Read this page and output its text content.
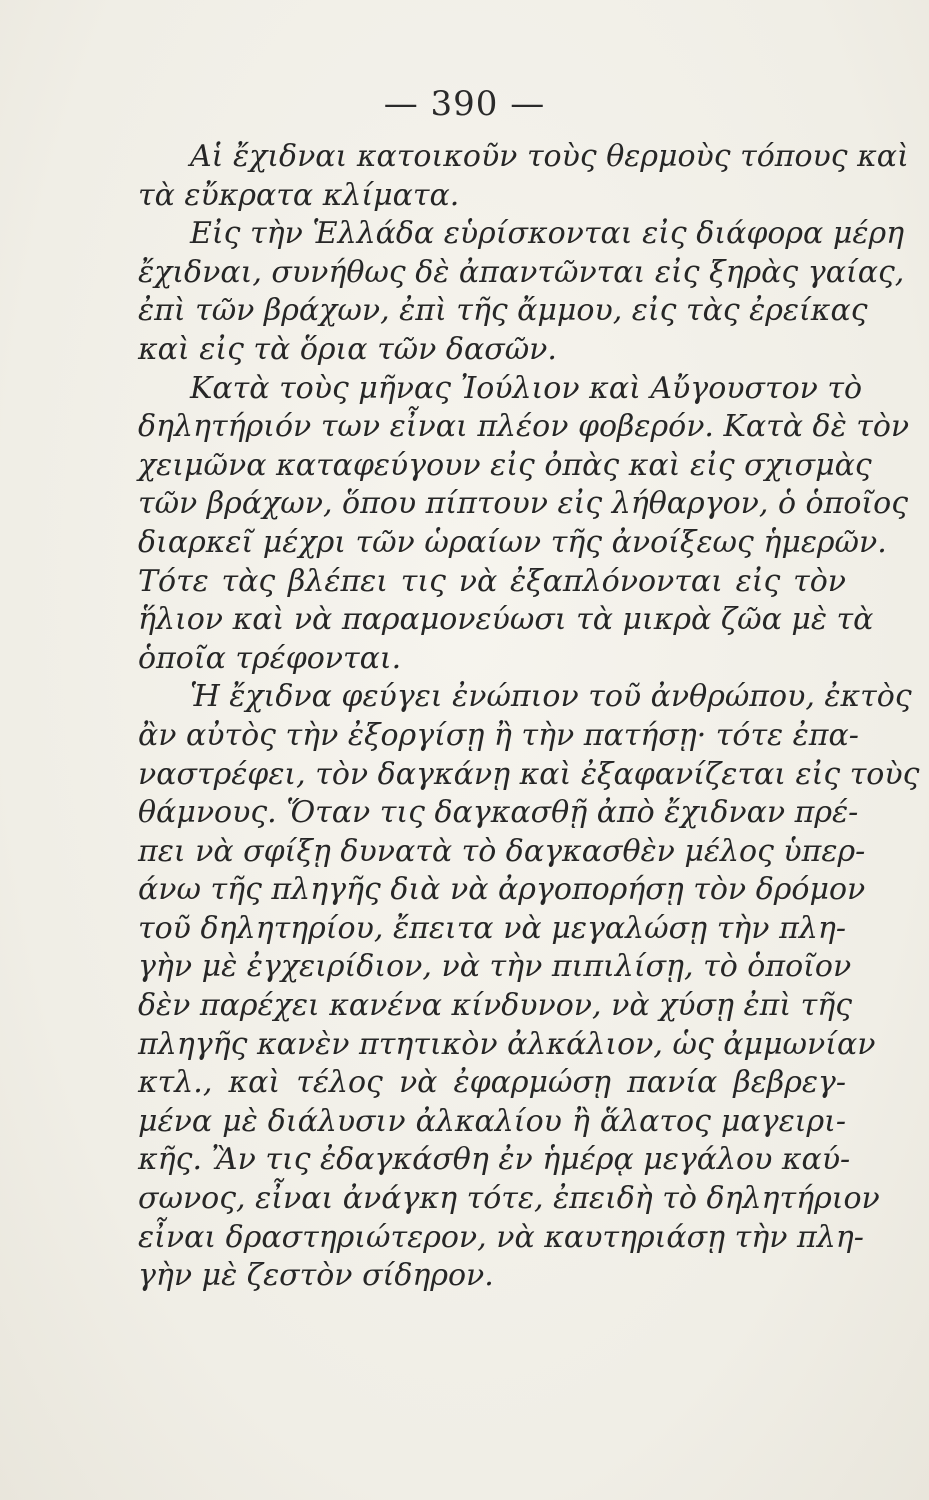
— 390 —
Αἱ ἔχιδναι κατοικοῦν τοὺς θερμοὺς τόπους καὶ
τὰ εὔκρατα κλίματα.
Εἰς τὴν Ἑλλάδα εὑρίσκονται εἰς διάφορα μέρη
ἔχιδναι, συνήθως δὲ ἀπαντῶνται εἰς ξηρὰς γαίας,
ἐπὶ τῶν βράχων, ἐπὶ τῆς ἄμμου, εἰς τὰς ἐρείκας
καὶ εἰς τὰ ὅρια τῶν δασῶν.
Κατὰ τοὺς μῆνας Ἰούλιον καὶ Αὔγουστον τὸ
δηλητήριόν των εἶναι πλέον φοβερόν. Κατὰ δὲ τὸν
χειμῶνα καταφεύγουν εἰς ὀπὰς καὶ εἰς σχισμὰς
τῶν βράχων, ὅπου πίπτουν εἰς λήθαργον, ὁ ὁποῖος
διαρκεῖ μέχρι τῶν ὡραίων τῆς ἀνοίξεως ἡμερῶν.
Τότε τὰς βλέπει τις νὰ ἐξαπλόνονται εἰς τὸν
ἥλιον καὶ νὰ παραμονεύωσι τὰ μικρὰ ζῶα μὲ τὰ
ὁποῖα τρέφονται.
Ἡ ἔχιδνα φεύγει ἐνώπιον τοῦ ἀνθρώπου, ἐκτὸς
ἂν αὐτὸς τὴν ἐξοργίσῃ ἢ τὴν πατήσῃ· τότε ἐπα-
ναστρέφει, τὸν δαγκάνῃ καὶ ἐξαφανίζεται εἰς τοὺς
θάμνους. Ὅταν τις δαγκασθῇ ἀπὸ ἔχιδναν πρέ-
πει νὰ σφίξῃ δυνατὰ τὸ δαγκασθὲν μέλος ὑπερ-
άνω τῆς πληγῆς διὰ νὰ ἀργοπορήσῃ τὸν δρόμον
τοῦ δηλητηρίου, ἔπειτα νὰ μεγαλώσῃ τὴν πλη-
γὴν μὲ ἐγχειρίδιον, νὰ τὴν πιπιλίσῃ, τὸ ὁποῖον
δὲν παρέχει κανένα κίνδυνον, νὰ χύσῃ ἐπὶ τῆς
πληγῆς κανὲν πτητικὸν ἀλκάλιον, ὡς ἀμμωνίαν
κτλ., καὶ τέλος νὰ ἐφαρμώσῃ πανία βεβρεγ-
μένα μὲ διάλυσιν ἀλκαλίου ἢ ἅλατος μαγειρι-
κῆς. Ἂν τις ἐδαγκάσθη ἐν ἡμέρᾳ μεγάλου καύ-
σωνος, εἶναι ἀνάγκη τότε, ἐπειδὴ τὸ δηλητήριον
εἶναι δραστηριώτερον, νὰ καυτηριάσῃ τὴν πλη-
γὴν μὲ ζεστὸν σίδηρον.
